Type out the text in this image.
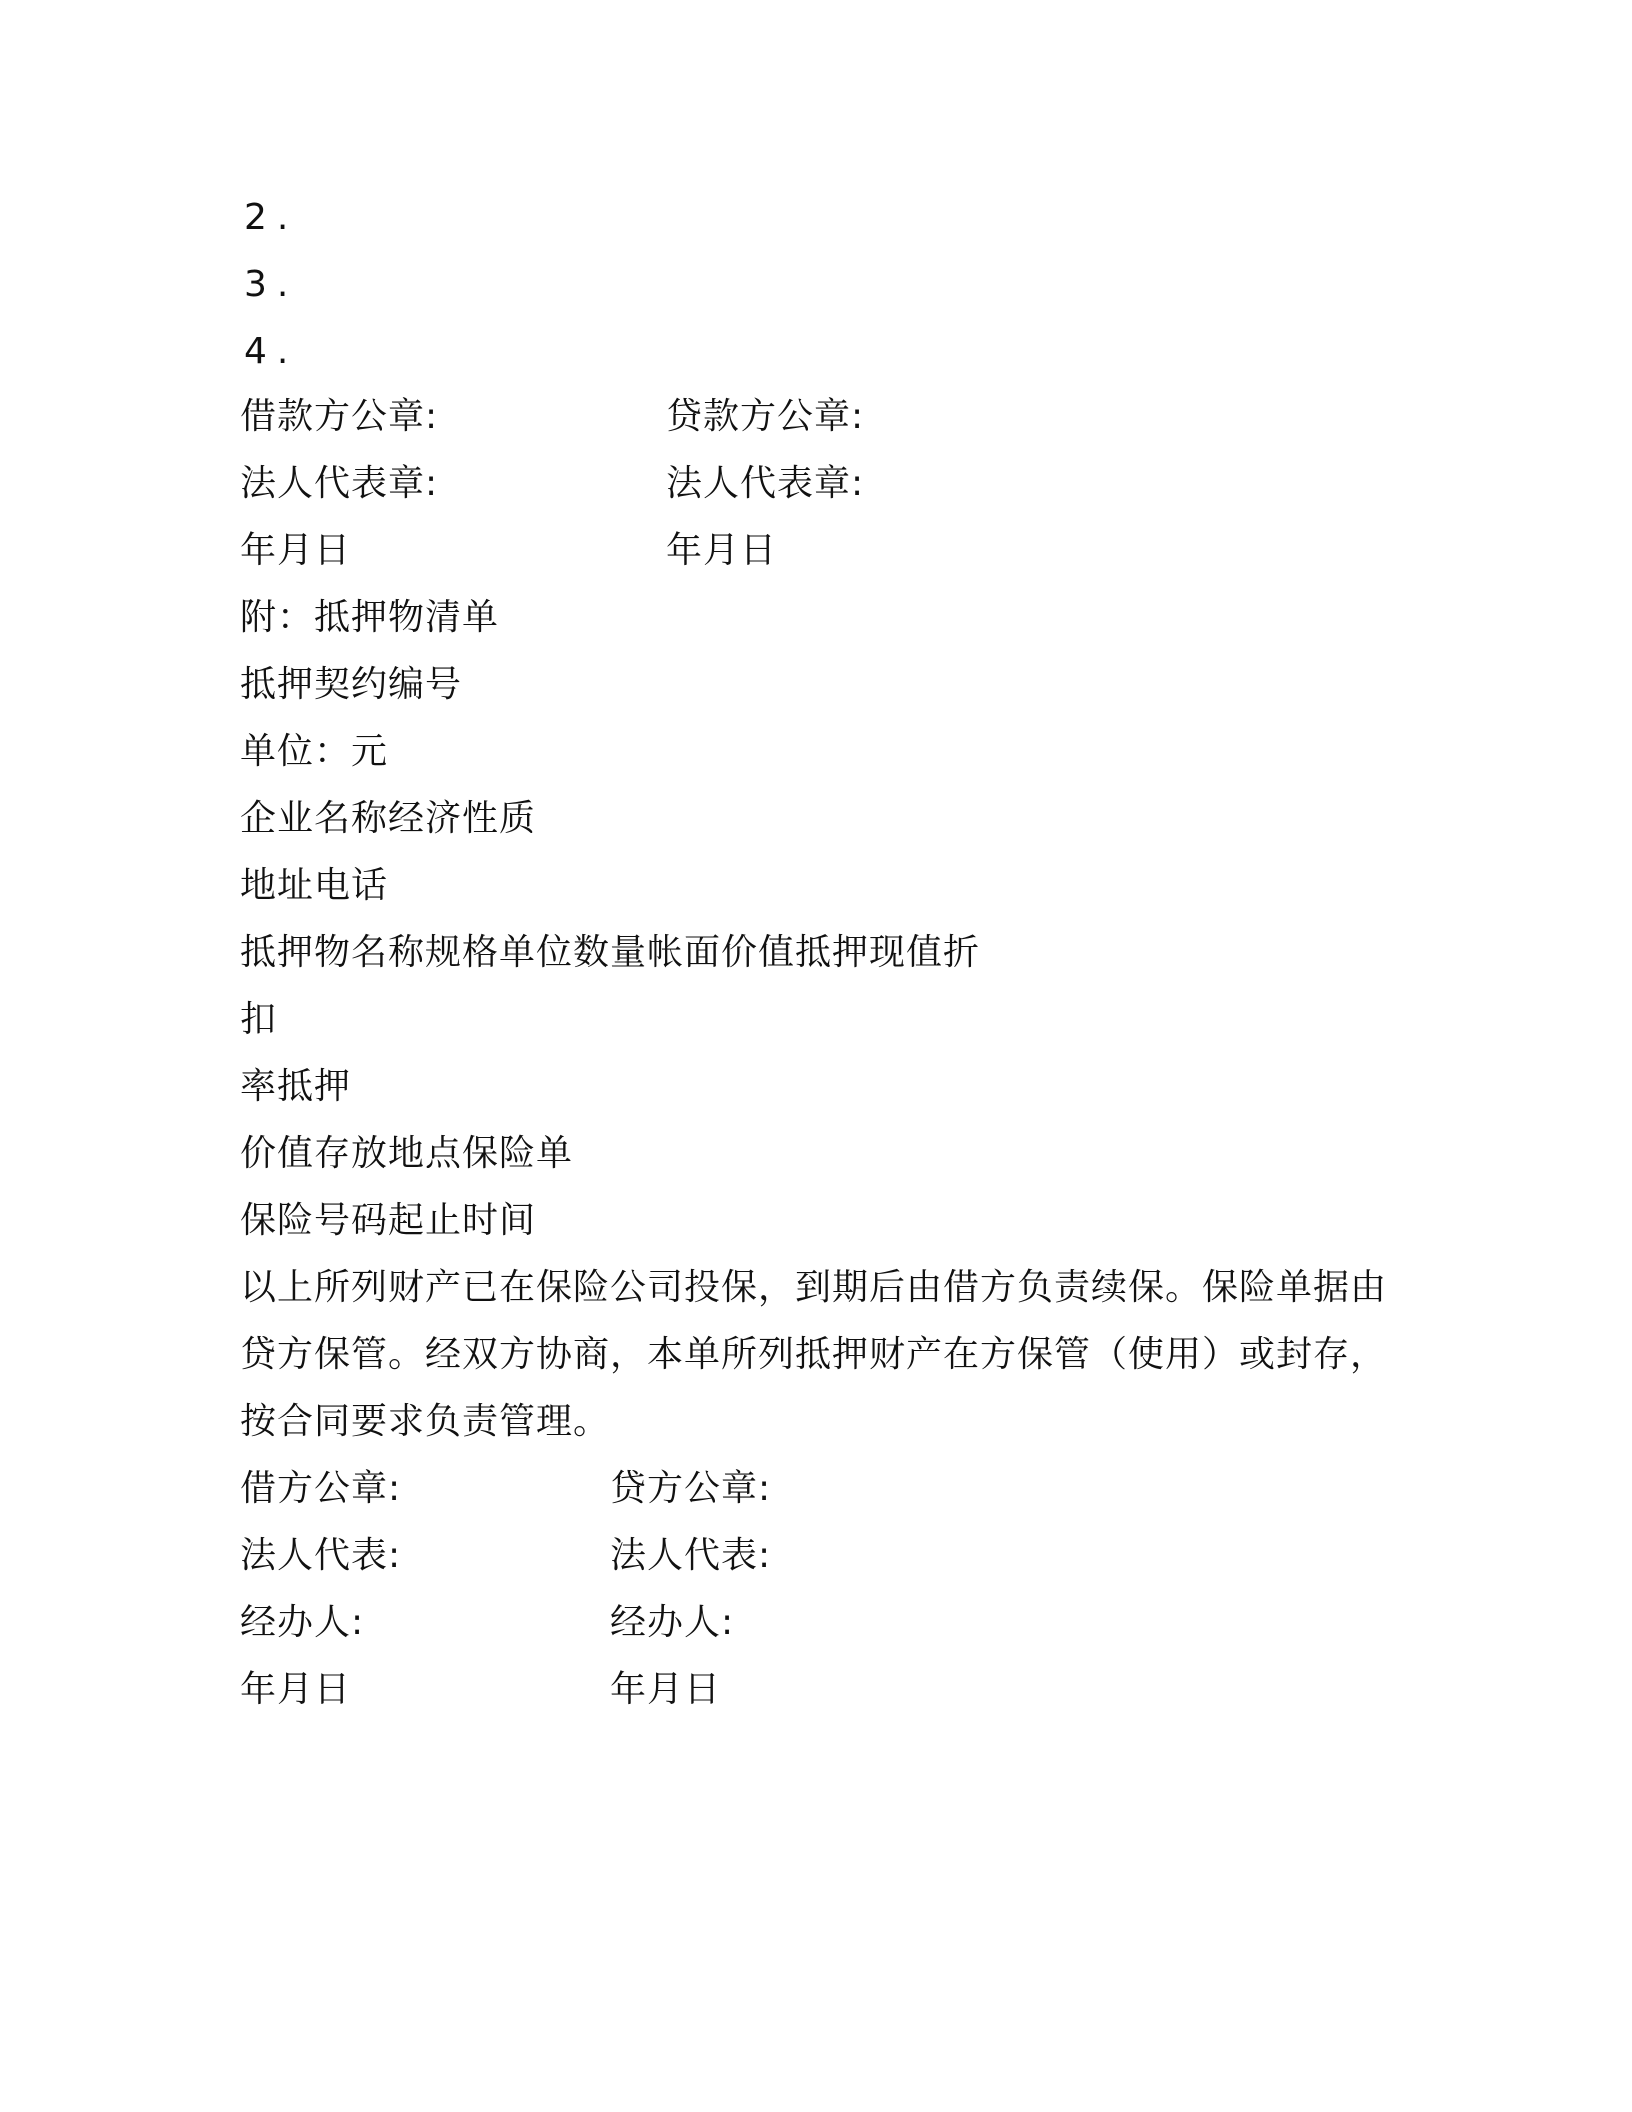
2.
3.
4.
借款方公章:	贷款方公章:
法人代表章:	法人代表章:
年月日	年月日
附：抵押物清单
抵押契约编号
单位：元
企业名称经济性质
地址电话
抵押物名称规格单位数量帐面价值抵押现值折
扣
率抵押
价值存放地点保险单
保险号码起止时间
以上所列财产已在保险公司投保，到期后由借方负责续保。保险单据由
贷方保管。经双方协商，本单所列抵押财产在方保管（使用）或封存，
按合同要求负责管理。
借方公章:	贷方公章:
法人代表:	法人代表:
经办人:	经办人:
年月日	年月日
